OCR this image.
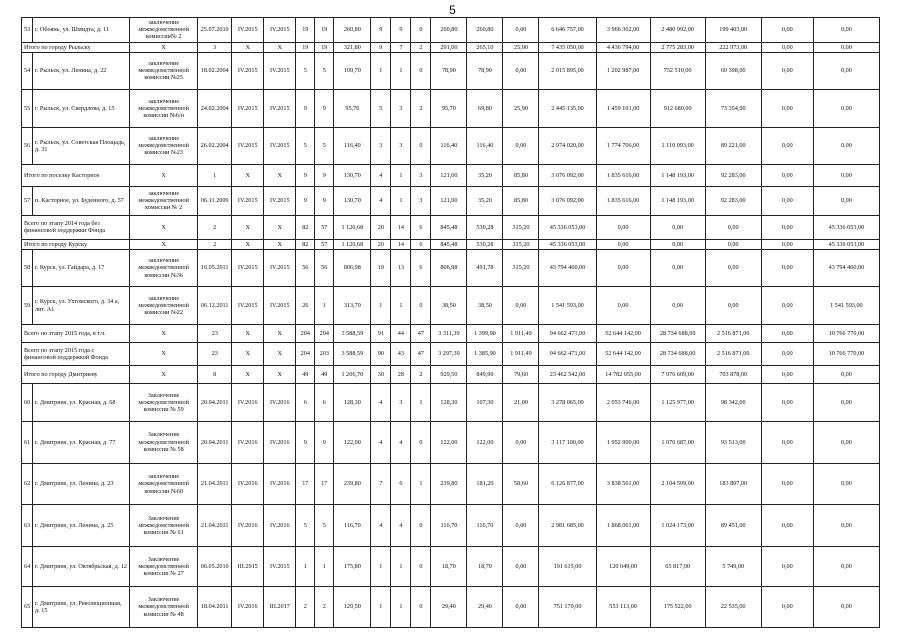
5
53	г. Обоянь, ул. Шмидта, д. 11	заключение межведомственной комиссии№ 2	25.07.2010	IV.2015	IV.2015	19	19	260,80	9	9	0	260,80	260,80	0,00	6 646 757,00	3 966 362,00	2 480 992,00	199 403,00	0,00	0,00
Итого по городу Рыльску		X	3	X	X	19	19	321,80	9	7	2	291,00	265,10	25,90	7 435 050,00	4 436 794,00	2 775 283,00	222 973,00	0,00	0,00
54	г. Рыльск, ул. Ленина, д. 22	заключение межведомственной комиссии №25	18.02.2004	IV.2015	IV.2015	5	5	109,70	1	1	0	78,90	78,90	0,00	2 015 895,00	1 202 987,00	752 510,00	60 398,00	0,00	0,00
55	г. Рыльск, ул. Свердлова, д. 15	заключение межведомственной комиссии №6/н	24.02.2004	IV.2015	IV.2015	9	9	95,70	5	3	2	95,70	69,80	25,90	2 445 135,00	1 459 101,00	912 680,00	73 354,00	0,00	0,00
56	г. Рыльск, ул. Советская Площадь, д. 31	заключение межведомственной комиссии №23	26.02.2004	IV.2015	IV.2015	5	5	116,40	3	3	0	116,40	116,40	0,00	2 974 020,00	1 774 706,00	1 110 093,00	89 221,00	0,00	0,00
Итого по поселку Касторное		X	1	X	X	9	9	130,70	4	1	3	121,00	35,20	85,80	3 076 092,00	1 835 616,00	1 148 193,00	92 283,00	0,00	0,00
57	п. Касторное, ул. Буденного, д. 57	заключение межведомственной комиссии № 2	06.11.2009	IV.2015	IV.2015	9	9	130,70	4	1	3	121,00	35,20	85,80	3 076 092,00	1 835 616,00	1 148 193,00	92 283,00	0,00	0,00
Всего по этапу 2014 года без финансовой поддержки Фонда		X	2	X	X	82	57	1 120,68	20	14	6	845,48	530,28	315,20	45 336 053,00	0,00	0,00	0,00	0,00	45 336 053,00
Итого по городу Курску		X	2	X	X	82	57	1 120,68	20	14	6	845,48	530,28	315,20	45 336 053,00	0,00	0,00	0,00	0,00	45 336 053,00
58	г. Курск, ул. Гайдара, д. 17	заключение межведомственной комиссии №36	16.05.2011	IV.2015	IV.2015	56	56	806,98	19	13	6	806,98	491,78	315,20	43 794 460,00	0,00	0,00	0,00	0,00	43 794 460,00
59	г. Курск, ул. Ухтомского, д. 34 а, лит. А1	заключение межведомственной комиссии №22	06.12.2011	IV.2015	IV.2015	26	1	313,70	1	1	0	38,50	38,50	0,00	1 541 593,00	0,00	0,00	0,00	0,00	1 541 593,00
Всего по этапу 2015 года, в т.ч.		X	23	X	X	204	204	3 588,59	91	44	47	3 311,39	1 399,90	1 911,49	94 662 471,00	52 644 142,00	28 734 688,00	2 516 871,00	0,00	10 766 770,00
Всего по этапу 2015 года с финансовой поддержкой Фонда		X	23	X	X	204	203	3 588,59	90	43	47	3 297,39	1 385,90	1 911,49	94 662 471,00	52 644 142,00	28 734 688,00	2 516 871,00	0,00	10 766 770,00
Итого по городу Дмитриеву		X	8	X	X	49	49	1 206,70	30	28	2	929,50	849,90	79,60	23 462 542,00	14 782 055,00	7 976 609,00	703 878,00	0,00	0,00
60	г. Дмитриев, ул. Красная, д. 68	Заключение межведомственной комиссии № 59	20.04.2011	IV.2016	IV.2016	6	6	128,30	4	3	1	128,30	107,30	21,00	3 278 065,00	2 053 746,00	1 125 977,00	98 342,00	0,00	0,00
61	г. Дмитриев, ул. Красная, д. 77	Заключение межведомственной комиссии № 58	20.04.2011	IV.2016	IV.2016	9	9	122,00	4	4	0	122,00	122,00	0,00	3 117 100,00	1 952 900,00	1 070 687,00	93 513,00	0,00	0,00
62	г. Дмитриев, ул. Ленина, д. 23	заключение межведомственной комиссии №60	21.04.2011	IV.2016	IV.2016	17	17	239,80	7	6	1	239,80	181,20	58,60	6 126 877,00	3 838 561,00	2 104 509,00	183 807,00	0,00	0,00
63	г. Дмитриев, ул. Ленина, д. 25	Заключение межведомственной комиссии № 61	21.04.2011	IV.2016	IV.2016	5	5	116,70	4	4	0	116,70	116,70	0,00	2 981 685,00	1 868 061,00	1 024 173,00	89 451,00	0,00	0,00
64	г. Дмитриев, ул. Октябрьская, д. 12	Заключение межведомственной комиссии № 27	06.05.2010	III.2015	IV.2015	1	1	175,80	1	1	0	18,70	18,70	0,00	191 615,00	120 049,00	65 817,00	5 749,00	0,00	0,00
65	г. Дмитриев, ул. Революционная, д. 15	Заключение межведомственной комиссии № 48	18.04.2011	IV.2016	III.2017	2	2	129,50	1	1	0	29,40	29,40	0,00	751 170,00	553 113,00	175 522,00	22 535,00	0,00	0,00
